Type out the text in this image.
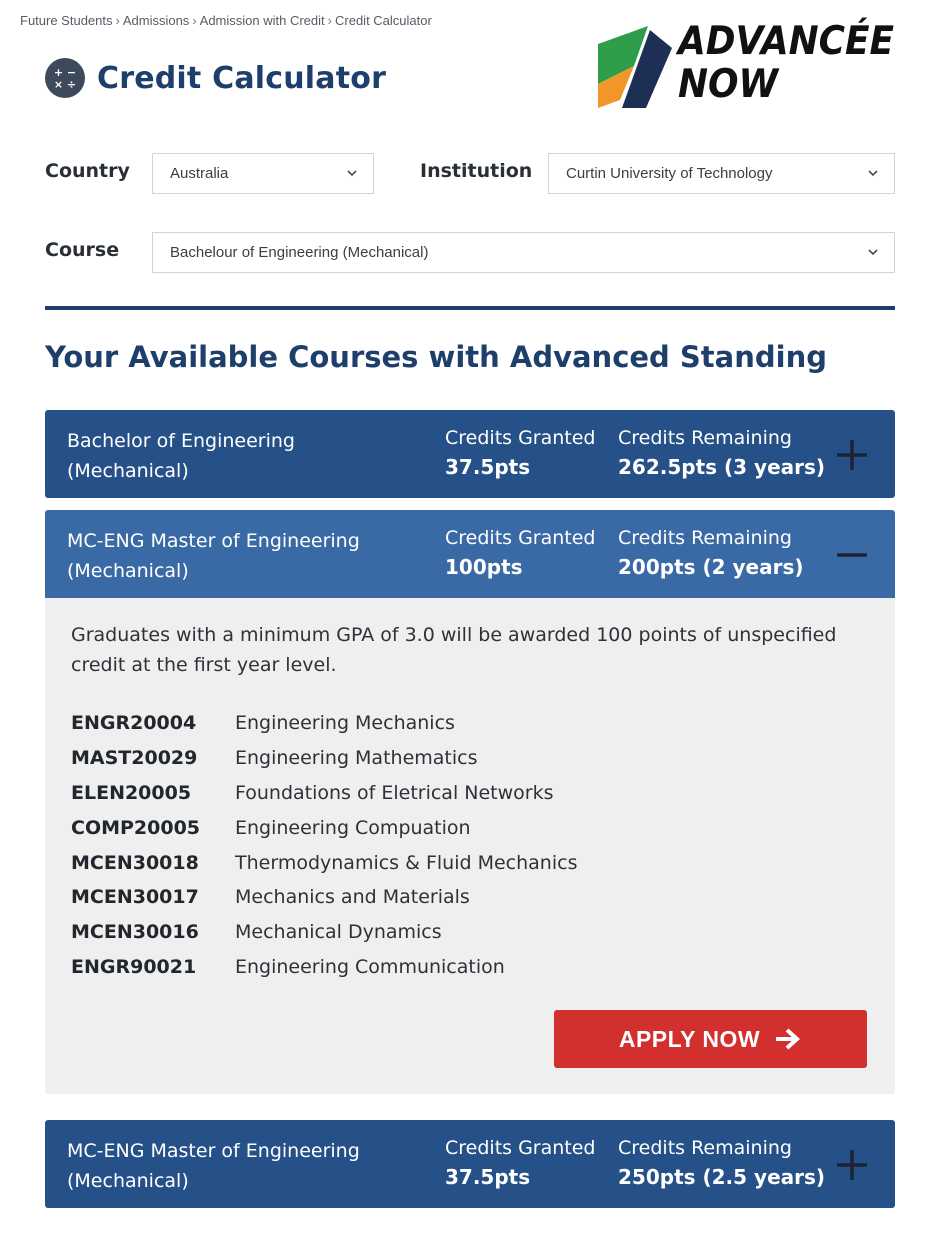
Future Students › Admissions › Admission with Credit › Credit Calculator
+ −
× ÷ Credit Calculator
ADVANCÉE
NOW
Country	Australia	Institution Curtin University of Technology
Course	Bachelour of Engineering (Mechanical)
Your Available Courses with Advanced Standing
Bachelor of Engineering (Mechanical)
Credits Granted
37.5pts
Credits Remaining
262.5pts (3 years)
MC-ENG Master of Engineering (Mechanical)
Credits Granted
100pts
Credits Remaining
200pts (2 years)

Graduates with a minimum GPA of 3.0 will be awarded 100 points of unspecified credit at the first year level.

ENGR20004	Engineering Mechanics
MAST20029	Engineering Mathematics
ELEN20005	Foundations of Eletrical Networks
COMP20005	Engineering Compuation
MCEN30018	Thermodynamics & Fluid Mechanics
MCEN30017	Mechanics and Materials
MCEN30016	Mechanical Dynamics
ENGR90021	Engineering Communication
APPLY NOW
MC-ENG Master of Engineering (Mechanical)
Credits Granted
37.5pts
Credits Remaining
250pts (2.5 years)
